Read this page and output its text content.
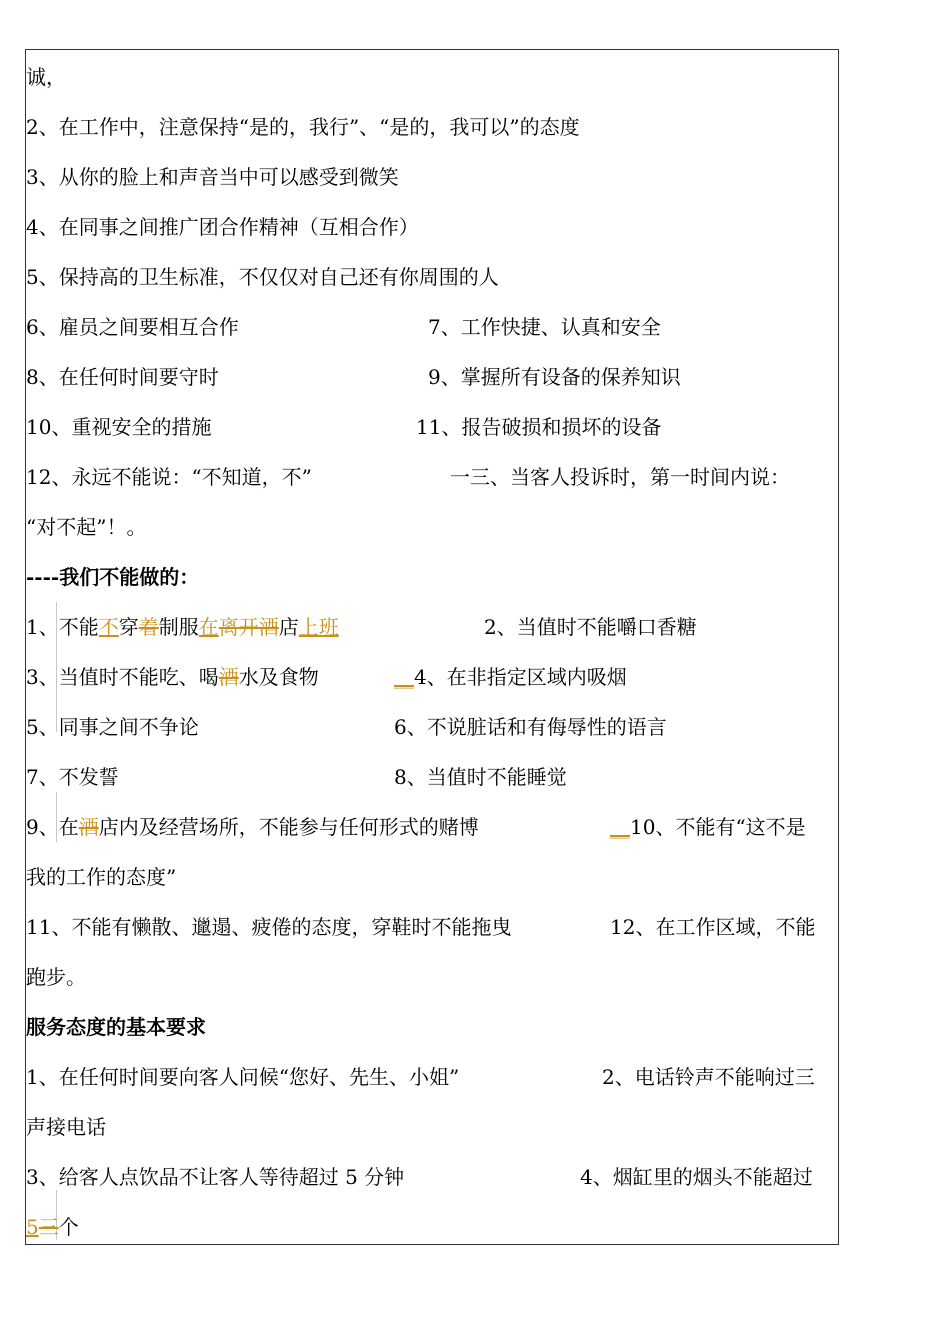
诚，
2、在工作中，注意保持“是的，我行”、“是的，我可以”的态度
3、从你的脸上和声音当中可以感受到微笑
4、在同事之间推广团合作精神（互相合作）
5、保持高的卫生标准，不仅仅对自己还有你周围的人
6、雇员之间要相互合作	7、工作快捷、认真和安全
8、在任何时间要守时	9、掌握所有设备的保养知识
10、重视安全的措施	11、报告破损和损坏的设备
12、永远不能说：“不知道，不”	一三、当客人投诉时，第一时间内说：
“对不起”！。
----我们不能做的：
1、不能不穿着制服在离开酒店上班	2、当值时不能嚼口香糖
3、当值时不能吃、喝酒水及食物	__4、在非指定区域内吸烟
5、同事之间不争论	6、不说脏话和有侮辱性的语言
7、不发誓	8、当值时不能睡觉
9、在酒店内及经营场所，不能参与任何形式的赌博	__10、不能有“这不是
我的工作的态度”
11、不能有懒散、邋遢、疲倦的态度，穿鞋时不能拖曳	12、在工作区域，不能
跑步。
服务态度的基本要求
1、在任何时间要向客人问候“您好、先生、小姐”	2、电话铃声不能响过三
声接电话
3、给客人点饮品不让客人等待超过 5 分钟	4、烟缸里的烟头不能超过
5三个
